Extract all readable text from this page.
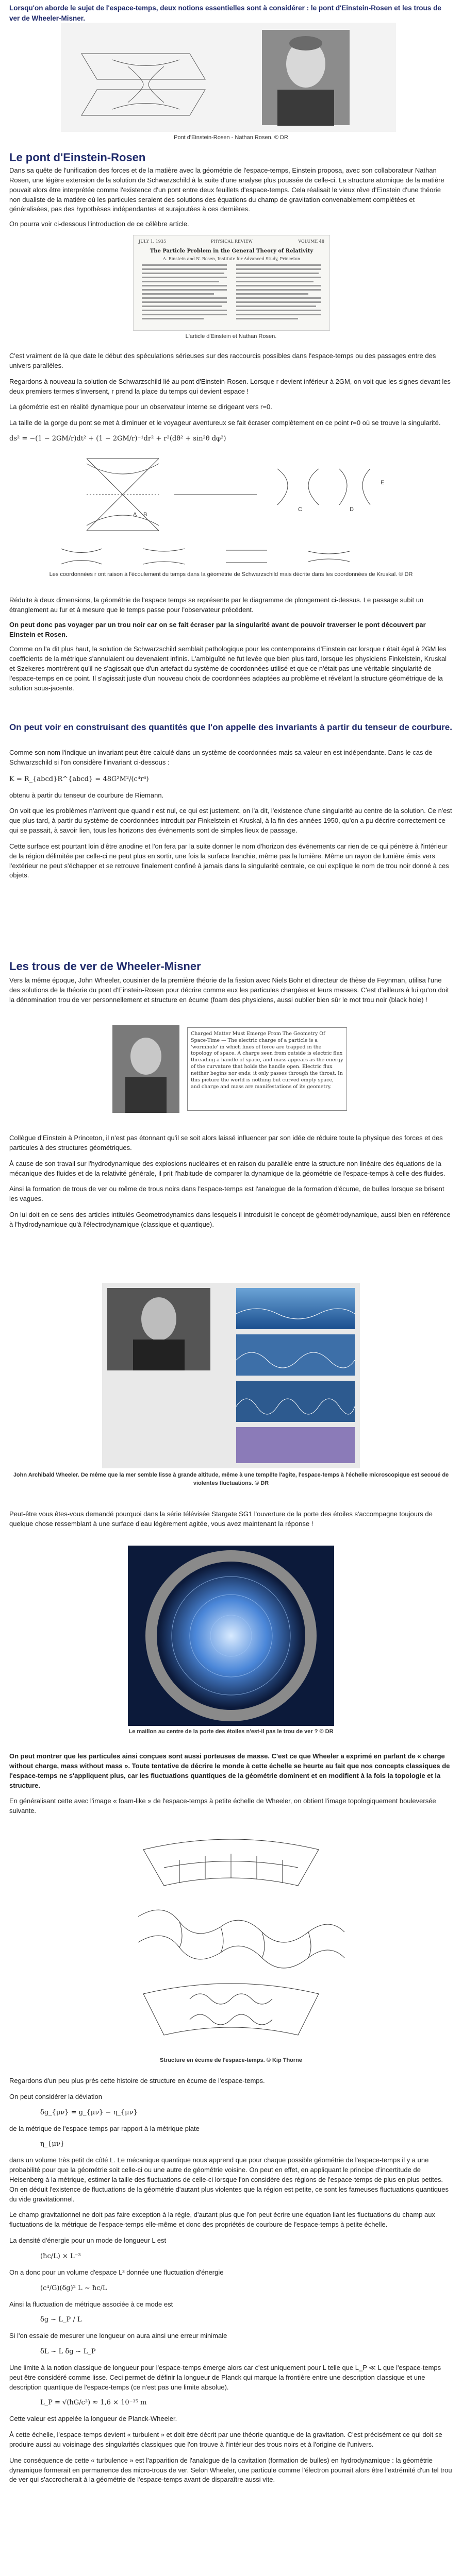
Lorsqu'on aborde le sujet de l'espace-temps, deux notions essentielles sont à considérer : le pont d'Einstein-Rosen et les trous de ver de Wheeler-Misner.

Pont d'Einstein-Rosen - Nathan Rosen. © DR
Le pont d'Einstein-Rosen

Dans sa quête de l'unification des forces et de la matière avec la géométrie de l'espace-temps, Einstein proposa, avec son collaborateur Nathan Rosen, une légère extension de la solution de Schwarzschild à la suite d'une analyse plus poussée de celle-ci. La structure atomique de la matière pouvait alors être interprétée comme l'existence d'un pont entre deux feuillets d'espace-temps. Cela réalisait le vieux rêve d'Einstein d'une théorie non dualiste de la matière où les particules seraient des solutions des équations du champ de gravitation convenablement complétées et généralisées, pas des hypothèses indépendantes et surajoutées à ces dernières.

On pourra voir ci-dessous l'introduction de ce célèbre article.

JULY 1, 1935	PHYSICAL REVIEW	VOLUME 48
The Particle Problem in the General Theory of Relativity
A. Einstein and N. Rosen, Institute for Advanced Study, Princeton
L'article d'Einstein et Nathan Rosen.

C'est vraiment de là que date le début des spéculations sérieuses sur des raccourcis possibles dans l'espace-temps ou des passages entre des univers parallèles.

Regardons à nouveau la solution de Schwarzschild lié au pont d'Einstein-Rosen. Lorsque r devient inférieur à 2GM, on voit que les signes devant les deux premiers termes s'inversent, r prend la place du temps qui devient espace !

La géométrie est en réalité dynamique pour un observateur interne se dirigeant vers r=0.

La taille de la gorge du pont se met à diminuer et le voyageur aventureux se fait écraser complètement en ce point r=0 où se trouve la singularité.

ds² = −(1 − 2GM/r)dt² + (1 − 2GM/r)⁻¹dr² + r²(dθ² + sin²θ dφ²)

A B
C	D
E
Les coordonnées r ont raison à l'écoulement du temps dans la géométrie de Schwarzschild mais décrite dans les coordonnées de Kruskal. © DR

Réduite à deux dimensions, la géométrie de l'espace temps se représente par le diagramme de plongement ci-dessus. Le passage subit un étranglement au fur et à mesure que le temps passe pour l'observateur précédent.

On peut donc pas voyager par un trou noir car on se fait écraser par la singularité avant de pouvoir traverser le pont découvert par Einstein et Rosen.

Comme on l'a dit plus haut, la solution de Schwarzschild semblait pathologique pour les contemporains d'Einstein car lorsque r était égal à 2GM les coefficients de la métrique s'annulaient ou devenaient infinis. L'ambiguïté ne fut levée que bien plus tard, lorsque les physiciens Finkelstein, Kruskal et Szekeres montrèrent qu'il ne s'agissait que d'un artefact du système de coordonnées utilisé et que ce n'était pas une véritable singularité de l'espace-temps en ce point. Il s'agissait juste d'un nouveau choix de coordonnées adaptées au problème et révélant la structure géométrique de la solution sous-jacente.

On peut voir en construisant des quantités que l'on appelle des invariants à partir du tenseur de courbure.

Comme son nom l'indique un invariant peut être calculé dans un système de coordonnées mais sa valeur en est indépendante. Dans le cas de Schwarzschild si l'on considère l'invariant ci-dessous :

K = R_{abcd}R^{abcd} = 48G²M²/(c⁴r⁶)

obtenu à partir du tenseur de courbure de Riemann.

On voit que les problèmes n'arrivent que quand r est nul, ce qui est justement, on l'a dit, l'existence d'une singularité au centre de la solution. Ce n'est que plus tard, à partir du système de coordonnées introduit par Finkelstein et Kruskal, à la fin des années 1950, qu'on a pu décrire correctement ce qui se passait, à savoir lien, tous les horizons des événements sont de simples lieux de passage.

Cette surface est pourtant loin d'être anodine et l'on fera par la suite donner le nom d'horizon des événements car rien de ce qui pénètre à l'intérieur de la région délimitée par celle-ci ne peut plus en sortir, une fois la surface franchie, même pas la lumière. Même un rayon de lumière émis vers l'extérieur ne peut s'échapper et se retrouve finalement confiné à jamais dans la singularité centrale, ce qui explique le nom de trou noir donné à ces objets.

Les trous de ver de Wheeler-Misner

Vers la même époque, John Wheeler, cousinier de la première théorie de la fission avec Niels Bohr et directeur de thèse de Feynman, utilisa l'une des solutions de la théorie du pont d'Einstein-Rosen pour décrire comme eux les particules chargées et leurs masses. C'est d'ailleurs à lui qu'on doit la dénomination trou de ver personnellement et structure en écume (foam des physiciens, aussi oublier bien sûr le mot trou noir (black hole) !

Charged Matter Must Emerge From The Geometry Of Space-Time — The electric charge of a particle is a 'wormhole' in which lines of force are trapped in the topology of space. A charge seen from outside is electric flux threading a handle of space, and mass appears as the energy of the curvature that holds the handle open. Electric flux neither begins nor ends; it only passes through the throat. In this picture the world is nothing but curved empty space, and charge and mass are manifestations of its geometry.

Collègue d'Einstein à Princeton, il n'est pas étonnant qu'il se soit alors laissé influencer par son idée de réduire toute la physique des forces et des particules à des structures géométriques.

À cause de son travail sur l'hydrodynamique des explosions nucléaires et en raison du parallèle entre la structure non linéaire des équations de la mécanique des fluides et de la relativité générale, il prit l'habitude de comparer la dynamique de la géométrie de l'espace-temps à celle des fluides.

Ainsi la formation de trous de ver ou même de trous noirs dans l'espace-temps est l'analogue de la formation d'écume, de bulles lorsque se brisent les vagues.

On lui doit en ce sens des articles intitulés Geometrodynamics dans lesquels il introduisit le concept de géométrodynamique, aussi bien en référence à l'hydrodynamique qu'à l'électrodynamique (classique et quantique).

John Archibald Wheeler. De même que la mer semble lisse à grande altitude, même à une tempête l'agite, l'espace-temps à l'échelle microscopique est secoué de violentes fluctuations. © DR

Peut-être vous êtes-vous demandé pourquoi dans la série télévisée Stargate SG1 l'ouverture de la porte des étoiles s'accompagne toujours de quelque chose ressemblant à une surface d'eau légèrement agitée, vous avez maintenant la réponse !

Le maillon au centre de la porte des étoiles n'est-il pas le trou de ver ? © DR

On peut montrer que les particules ainsi conçues sont aussi porteuses de masse. C'est ce que Wheeler a exprimé en parlant de « charge without charge, mass without mass ». Toute tentative de décrire le monde à cette échelle se heurte au fait que nos concepts classiques de l'espace-temps ne s'appliquent plus, car les fluctuations quantiques de la géométrie dominent et en modifient à la fois la topologie et la structure.

En généralisant cette avec l'image « foam-like » de l'espace-temps à petite échelle de Wheeler, on obtient l'image topologiquement bouleversée suivante.

Structure en écume de l'espace-temps. © Kip Thorne

Regardons d'un peu plus près cette histoire de structure en écume de l'espace-temps.

On peut considérer la déviation

δg_{μν} = g_{μν} − η_{μν}

de la métrique de l'espace-temps par rapport à la métrique plate

η_{μν}

dans un volume très petit de côté L. Le mécanique quantique nous apprend que pour chaque possible géométrie de l'espace-temps il y a une probabilité pour que la géométrie soit celle-ci ou une autre de géométrie voisine. On peut en effet, en appliquant le principe d'incertitude de Heisenberg à la métrique, estimer la taille des fluctuations de celle-ci lorsque l'on considère des régions de l'espace-temps de plus en plus petites. On en déduit l'existence de fluctuations de la géométrie d'autant plus violentes que la région est petite, ce sont les fameuses fluctuations quantiques du vide gravitationnel.

Le champ gravitationnel ne doit pas faire exception à la règle, d'autant plus que l'on peut écrire une équation liant les fluctuations du champ aux fluctuations de la métrique de l'espace-temps elle-même et donc des propriétés de courbure de l'espace-temps à petite échelle.

La densité d'énergie pour un mode de longueur L est

(ħc/L) × L⁻³

On a donc pour un volume d'espace L³ donnée une fluctuation d'énergie

(c⁴/G)(δg)² L ~ ħc/L

Ainsi la fluctuation de métrique associée à ce mode est

δg ~ L_P / L

Si l'on essaie de mesurer une longueur on aura ainsi une erreur minimale

δL ~ L δg ~ L_P

Une limite à la notion classique de longueur pour l'espace-temps émerge alors car c'est uniquement pour L telle que L_P ≪ L que l'espace-temps peut être considéré comme lisse. Ceci permet de définir la longueur de Planck qui marque la frontière entre une description classique et une description quantique de l'espace-temps (ce n'est pas une limite absolue).

L_P = √(ħG/c³) ≈ 1,6 × 10⁻³⁵ m

Cette valeur est appelée la longueur de Planck-Wheeler.

À cette échelle, l'espace-temps devient « turbulent » et doit être décrit par une théorie quantique de la gravitation. C'est précisément ce qui doit se produire aussi au voisinage des singularités classiques que l'on trouve à l'intérieur des trous noirs et à l'origine de l'univers.

Une conséquence de cette « turbulence » est l'apparition de l'analogue de la cavitation (formation de bulles) en hydrodynamique : la géométrie dynamique formerait en permanence des micro-trous de ver. Selon Wheeler, une particule comme l'électron pourrait alors être l'extrémité d'un tel trou de ver qui s'accrocherait à la géométrie de l'espace-temps avant de disparaître aussi vite.
